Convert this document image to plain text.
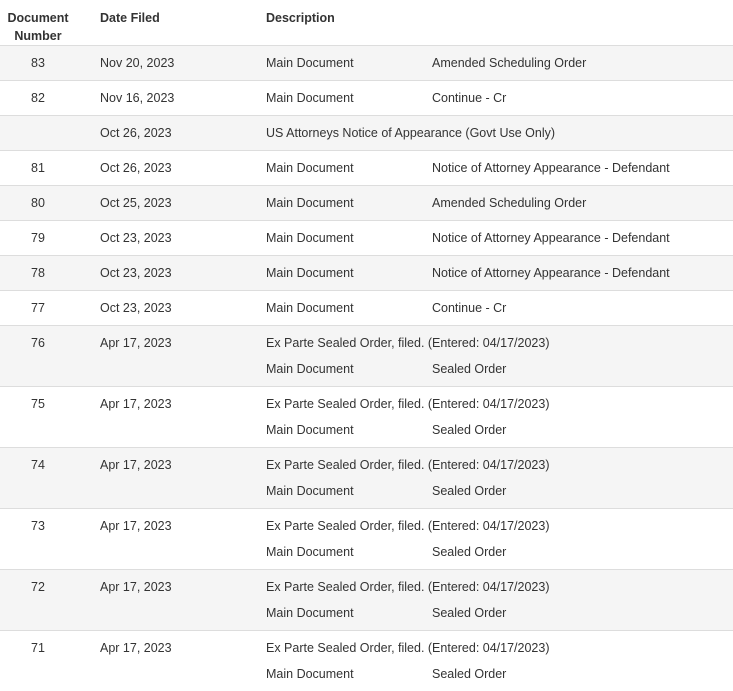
Document Number	Date Filed	Description

83	Nov 20, 2023	Main Document Amended Scheduling Order

82	Nov 16, 2023	Main Document Continue - Cr

	Oct 26, 2023	US Attorneys Notice of Appearance (Govt Use Only)

81	Oct 26, 2023	Main Document Notice of Attorney Appearance - Defendant

80	Oct 25, 2023	Main Document Amended Scheduling Order

79	Oct 23, 2023	Main Document Notice of Attorney Appearance - Defendant

78	Oct 23, 2023	Main Document Notice of Attorney Appearance - Defendant

77	Oct 23, 2023	Main Document Continue - Cr

76	Apr 17, 2023	Ex Parte Sealed Order, filed. (Entered: 04/17/2023)
Main Document Sealed Order

75	Apr 17, 2023	Ex Parte Sealed Order, filed. (Entered: 04/17/2023)
Main Document Sealed Order

74	Apr 17, 2023	Ex Parte Sealed Order, filed. (Entered: 04/17/2023)
Main Document Sealed Order

73	Apr 17, 2023	Ex Parte Sealed Order, filed. (Entered: 04/17/2023)
Main Document Sealed Order

72	Apr 17, 2023	Ex Parte Sealed Order, filed. (Entered: 04/17/2023)
Main Document Sealed Order

71	Apr 17, 2023	Ex Parte Sealed Order, filed. (Entered: 04/17/2023)
Main Document Sealed Order
